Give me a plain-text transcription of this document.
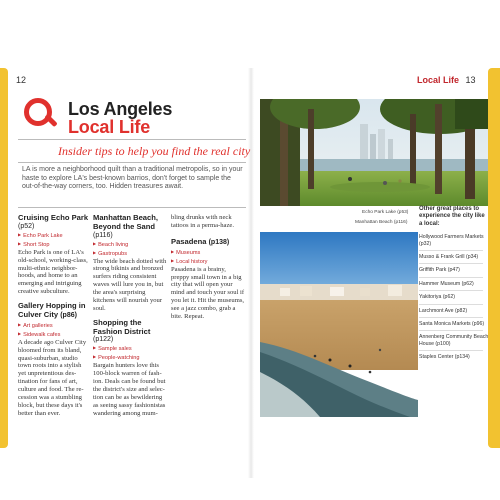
12	Local Life 13
Los Angeles
Local Life
Insider tips to help you find the real city
LA is more a neighborhood quilt than a traditional metropolis, so in your haste to explore LA's best-known barrios, don't forget to sample the out-of-the-way corners, too. Hidden treasures await.
Cruising Echo Park
(p52)
▶ Echo Park Lake
▶ Short Stop
Echo Park is one of LA's old-school, working-class, multi-ethnic neighbor-hoods, and home to an emerging and intriguing creative subculture.
Gallery Hopping in
Culver City (p86)
▶ Art galleries
▶ Sidewalk cafes
A decade ago Culver City bloomed from its bland, quasi-suburban, studio town roots into a stylish yet unpretentious des-tination for fans of art, culture and food. The re-cession was a stumbling block, but these days it's better than ever.
Manhattan Beach,
Beyond the Sand
(p116)
▶ Beach living
▶ Gastropubs
The wide beach dotted with strong bikinis and bronzed surfers riding consistent waves will lure you in, but the area's surprising kitchens will nourish your soul.
Shopping the
Fashion District
(p122)
▶ Sample sales
▶ People-watching
Bargain hunters love this 100-block warren of fash-ion. Deals can be found but the district's size and selec-tion can be as bewildering as seeing sassy fashionistas wandering among mum-
bling drunks with neck tattoos in a perma-haze.
Pasadena (p138)
▶ Museums
▶ Local history
Pasadena is a brainy, preppy small town in a big city that will open your mind and touch your soul if you let it. Hit the museums, see a jazz combo, grab a bite. Repeat.
Echo Park Lake (p53)
Manhattan Beach (p116)
Other great places to experience the city like a local:
Hollywood Farmers Markets (p32)
Musso & Frank Grill (p34)
Griffith Park (p47)
Hammer Museum (p62)
Yakitoriya (p62)
Larchmont Ave (p82)
Santa Monica Markets (p96)
Annenberg Community Beach House (p100)
Staples Center (p134)
